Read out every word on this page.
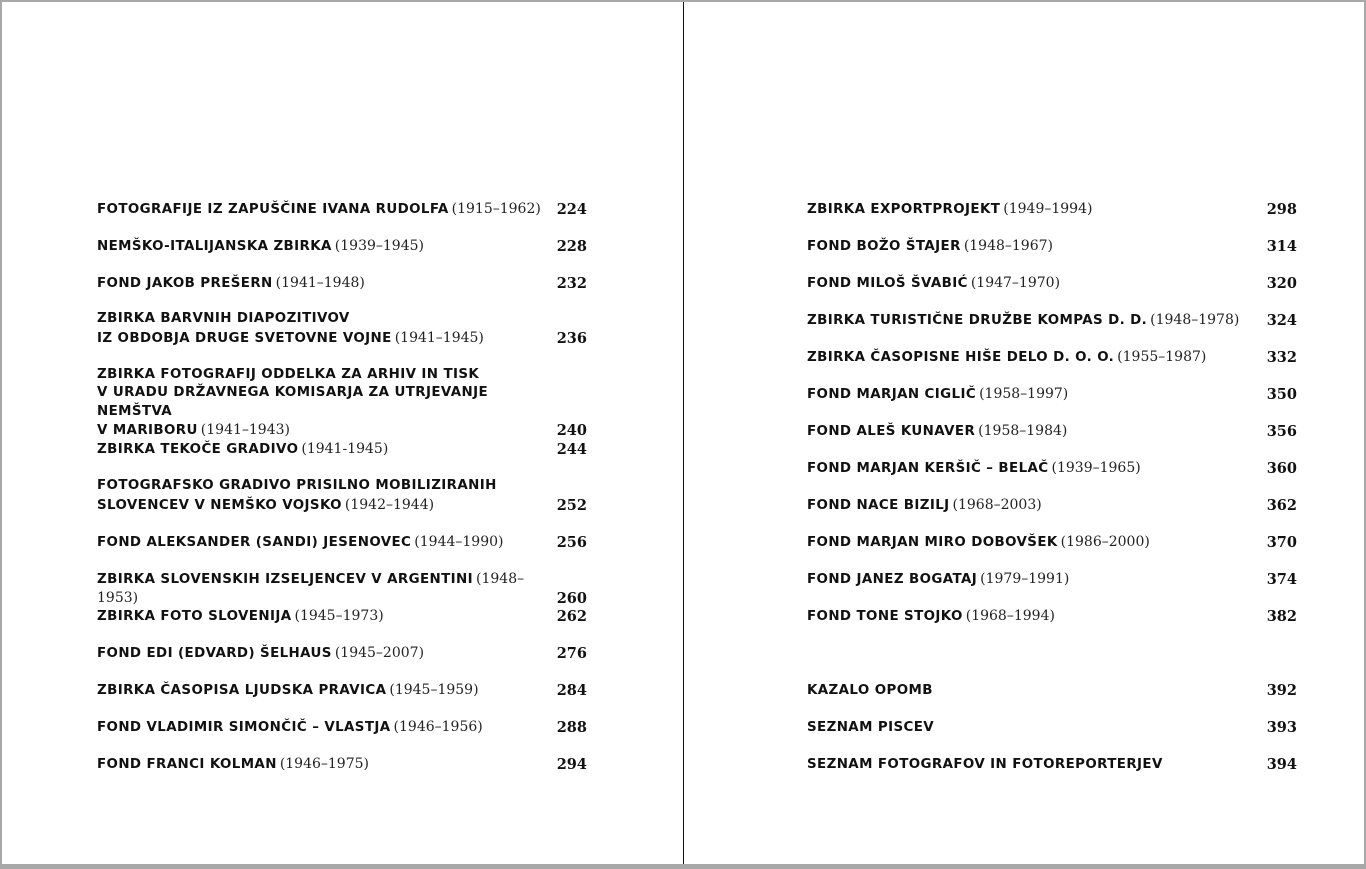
FOTOGRAFIJE IZ ZAPUŠČINE IVANA RUDOLFA (1915–1962)	224
NEMŠKO-ITALIJANSKA ZBIRKA (1939–1945)	228
FOND JAKOB PREŠERN (1941–1948)	232
ZBIRKA BARVNIH DIAPOZITIVOV
IZ OBDOBJA DRUGE SVETOVNE VOJNE (1941–1945)	236
ZBIRKA FOTOGRAFIJ ODDELKA ZA ARHIV IN TISK
V URADU DRŽAVNEGA KOMISARJA ZA UTRJEVANJE NEMŠTVA
V MARIBORU (1941–1943)	240
ZBIRKA TEKOČE GRADIVO (1941-1945)	244
FOTOGRAFSKO GRADIVO PRISILNO MOBILIZIRANIH
SLOVENCEV V NEMŠKO VOJSKO (1942–1944)	252
FOND ALEKSANDER (SANDI) JESENOVEC (1944–1990)	256
ZBIRKA SLOVENSKIH IZSELJENCEV V ARGENTINI (1948–1953)	260
ZBIRKA FOTO SLOVENIJA (1945–1973)	262
FOND EDI (EDVARD) ŠELHAUS (1945–2007)	276
ZBIRKA ČASOPISA LJUDSKA PRAVICA (1945–1959)	284
FOND VLADIMIR SIMONČIČ – VLASTJA (1946–1956)	288
FOND FRANCI KOLMAN (1946–1975)	294
ZBIRKA EXPORTPROJEKT (1949–1994)	298
FOND BOŽO ŠTAJER (1948–1967)	314
FOND MILOŠ ŠVABIĆ (1947–1970)	320
ZBIRKA TURISTIČNE DRUŽBE KOMPAS D. D. (1948–1978)	324
ZBIRKA ČASOPISNE HIŠE DELO D. O. O. (1955–1987)	332
FOND MARJAN CIGLIČ (1958–1997)	350
FOND ALEŠ KUNAVER (1958–1984)	356
FOND MARJAN KERŠIČ – BELAČ (1939–1965)	360
FOND NACE BIZILJ (1968–2003)	362
FOND MARJAN MIRO DOBOVŠEK (1986–2000)	370
FOND JANEZ BOGATAJ (1979–1991)	374
FOND TONE STOJKO (1968–1994)	382
KAZALO OPOMB	392
SEZNAM PISCEV	393
SEZNAM FOTOGRAFOV IN FOTOREPORTERJEV	394
